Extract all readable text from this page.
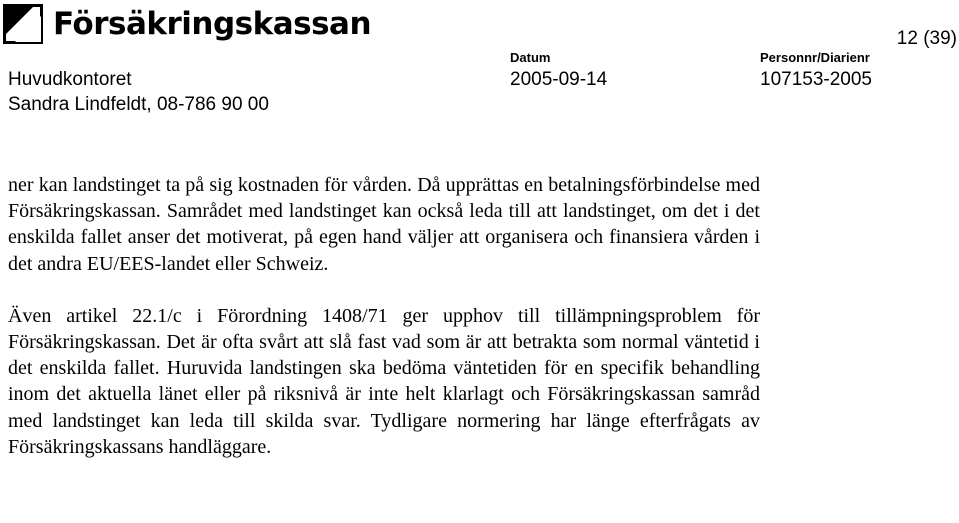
Försäkringskassan	12 (39)
Huvudkontoret
Sandra Lindfeldt, 08-786 90 00
Datum
2005-09-14
Personnr/Diarienr
107153-2005

ner kan landstinget ta på sig kostnaden för vården. Då upprättas en betalningsförbindelse med Försäkringskassan. Samrådet med landstinget kan också leda till att landstinget, om det i det enskilda fallet anser det motiverat, på egen hand väljer att organisera och finansiera vården i det andra EU/EES-landet eller Schweiz.

Även artikel 22.1/c i Förordning 1408/71 ger upphov till tillämpningsproblem för Försäkringskassan. Det är ofta svårt att slå fast vad som är att betrakta som normal väntetid i det enskilda fallet. Huruvida landstingen ska bedöma väntetiden för en specifik behandling inom det aktuella länet eller på riksnivå är inte helt klarlagt och Försäkringskassan samråd med landstinget kan leda till skilda svar. Tydligare normering har länge efterfrågats av Försäkringskassans handläggare.
